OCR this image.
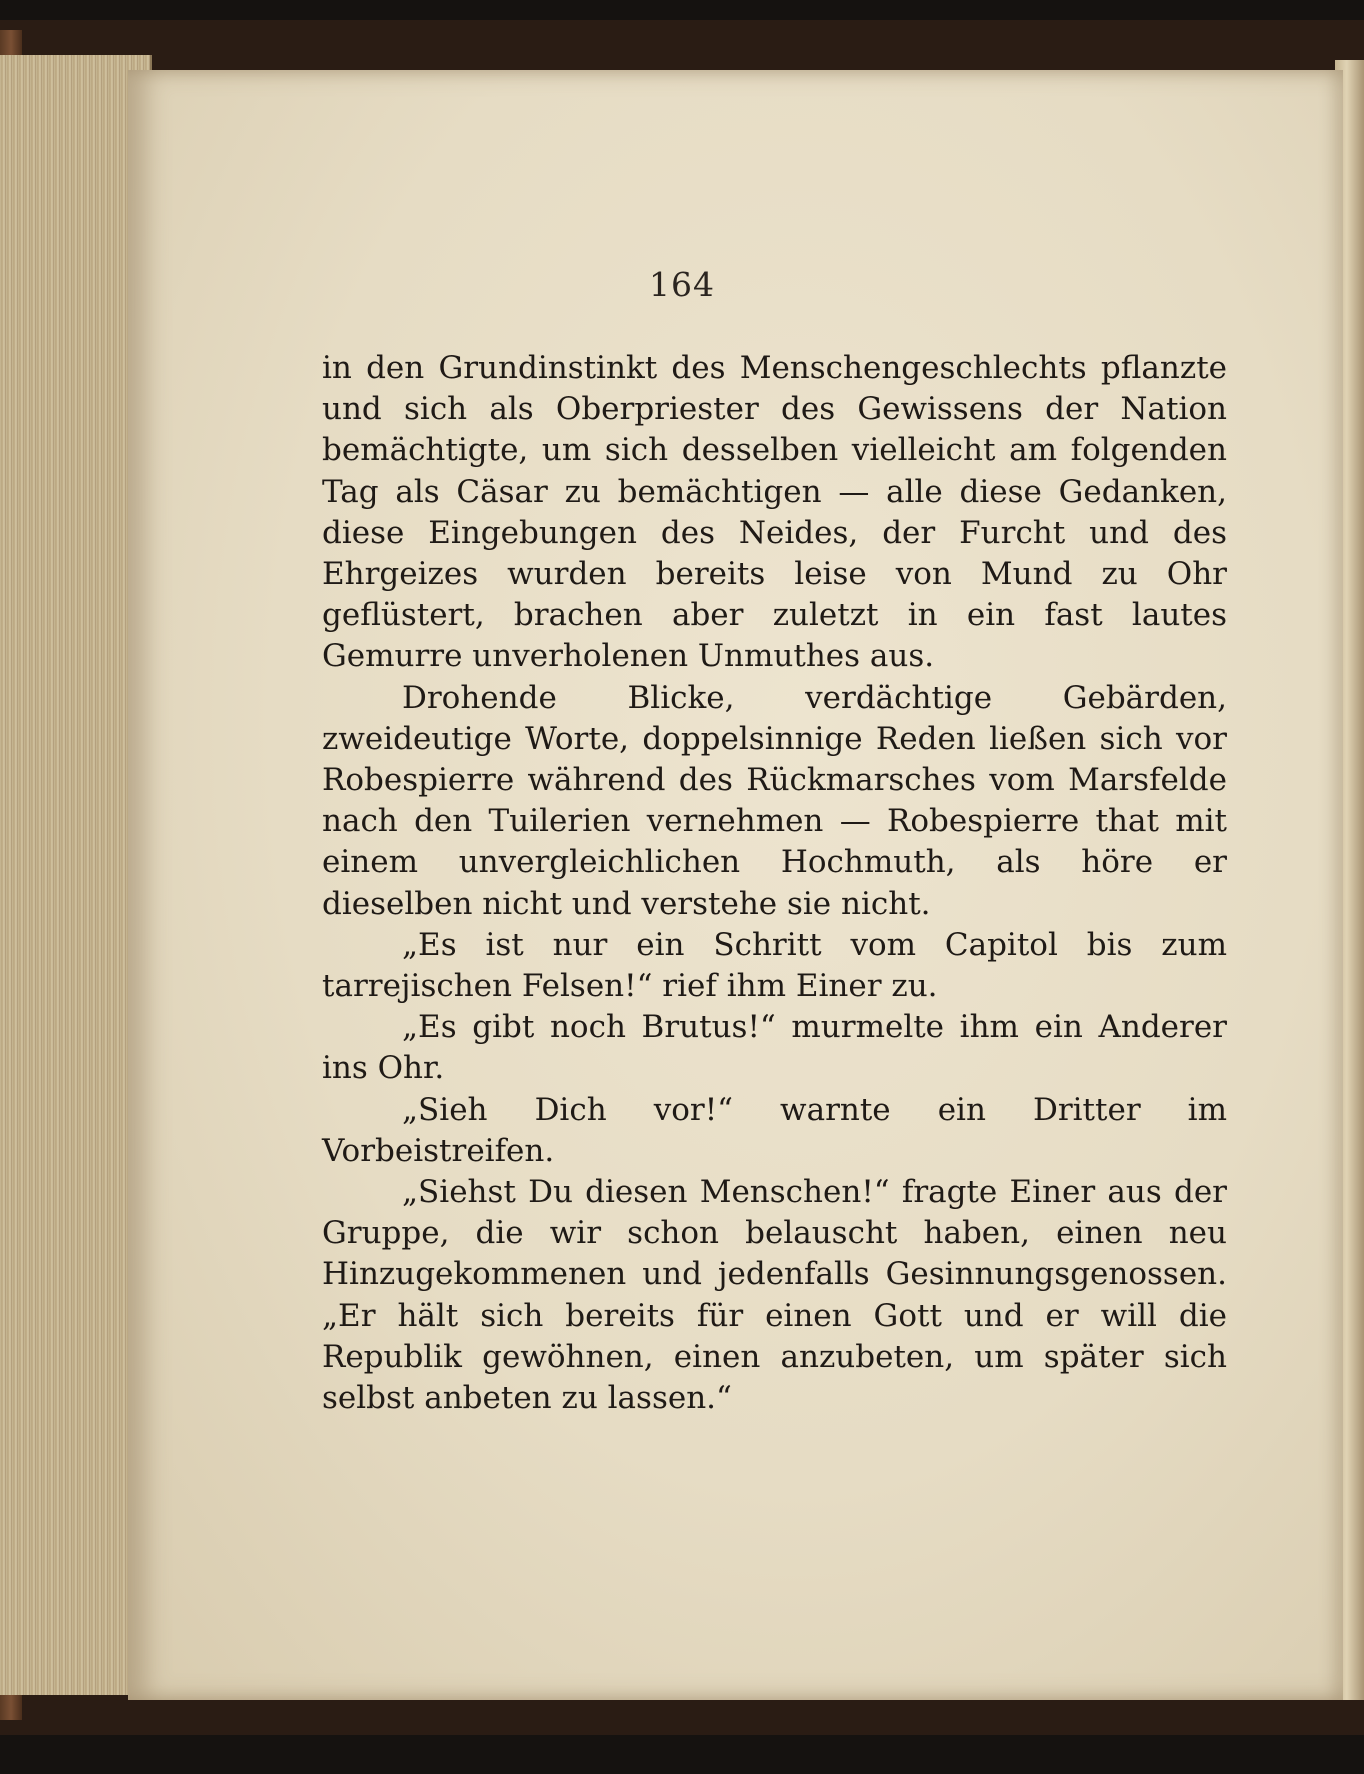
164

in den Grundinstinkt des Menschengeschlechts pflanzte und sich als Oberpriester des Gewissens der Nation bemächtigte, um sich desselben vielleicht am folgenden Tag als Cäsar zu bemächtigen — alle diese Gedanken, diese Eingebungen des Neides, der Furcht und des Ehrgeizes wurden bereits leise von Mund zu Ohr geflüstert, brachen aber zuletzt in ein fast lautes Gemurre unverholenen Unmuthes aus.

Drohende Blicke, verdächtige Gebärden, zweideutige Worte, doppelsinnige Reden ließen sich vor Robespierre während des Rückmarsches vom Marsfelde nach den Tuilerien vernehmen — Robespierre that mit einem unvergleichlichen Hochmuth, als höre er dieselben nicht und verstehe sie nicht.

„Es ist nur ein Schritt vom Capitol bis zum tarrejischen Felsen!“ rief ihm Einer zu.

„Es gibt noch Brutus!“ murmelte ihm ein Anderer ins Ohr.

„Sieh Dich vor!“ warnte ein Dritter im Vorbeistreifen.

„Siehst Du diesen Menschen!“ fragte Einer aus der Gruppe, die wir schon belauscht haben, einen neu Hinzugekommenen und jedenfalls Gesinnungsgenossen. „Er hält sich bereits für einen Gott und er will die Republik gewöhnen, einen anzubeten, um später sich selbst anbeten zu lassen.“
